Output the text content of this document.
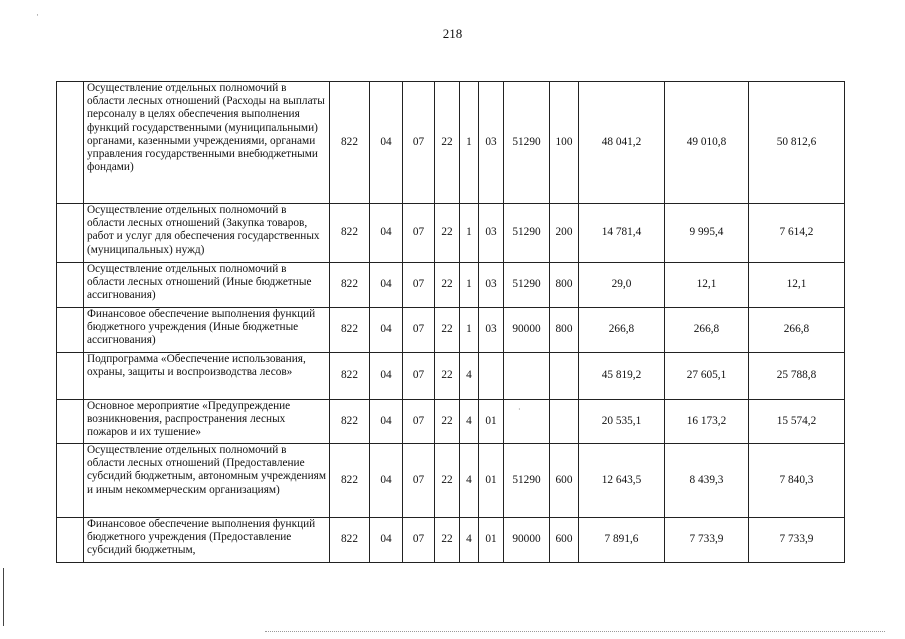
·
218
·
	Осуществление отдельных полномочий в области лесных отношений (Расходы на выплаты персоналу в целях обеспечения выполнения функций государственными (муниципальными) органами, казенными учреждениями, органами управления государственными внебюджетными фондами)	822	04	07	22	1	03	51290	100	48 041,2	49 010,8	50 812,6
	Осуществление отдельных полномочий в области лесных отношений (Закупка товаров, работ и услуг для обеспечения государственных (муниципальных) нужд)	822	04	07	22	1	03	51290	200	14 781,4	9 995,4	7 614,2
	Осуществление отдельных полномочий в области лесных отношений (Иные бюджетные ассигнования)	822	04	07	22	1	03	51290	800	29,0	12,1	12,1
	Финансовое обеспечение выполнения функций бюджетного учреждения (Иные бюджетные ассигнования)	822	04	07	22	1	03	90000	800	266,8	266,8	266,8
	Подпрограмма «Обеспечение использования, охраны, защиты и воспроизводства лесов»	822	04	07	22	4				45 819,2	27 605,1	25 788,8
	Основное мероприятие «Предупреждение возникновения, распространения лесных пожаров и их тушение»	822	04	07	22	4	01			20 535,1	16 173,2	15 574,2
	Осуществление отдельных полномочий в области лесных отношений (Предоставление субсидий бюджетным, автономным учреждениям и иным некоммерческим организациям)	822	04	07	22	4	01	51290	600	12 643,5	8 439,3	7 840,3
	Финансовое обеспечение выполнения функций бюджетного учреждения (Предоставление субсидий бюджетным,	822	04	07	22	4	01	90000	600	7 891,6	7 733,9	7 733,9
